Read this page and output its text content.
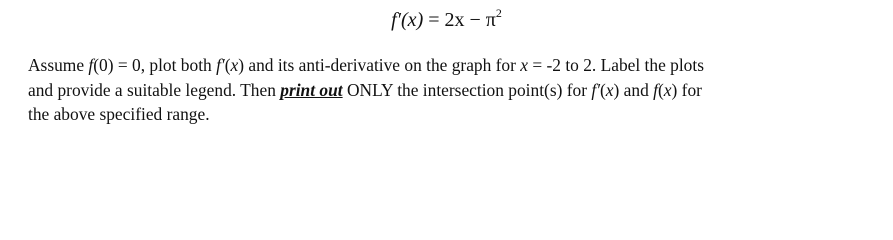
$f'(x) = 2x - \pi^2$
Assume f(0) = 0, plot both f′(x) and its anti-derivative on the graph for x = -2 to 2. Label the plots
and provide a suitable legend. Then print out ONLY the intersection point(s) for f′(x) and f(x) for
the above specified range.
